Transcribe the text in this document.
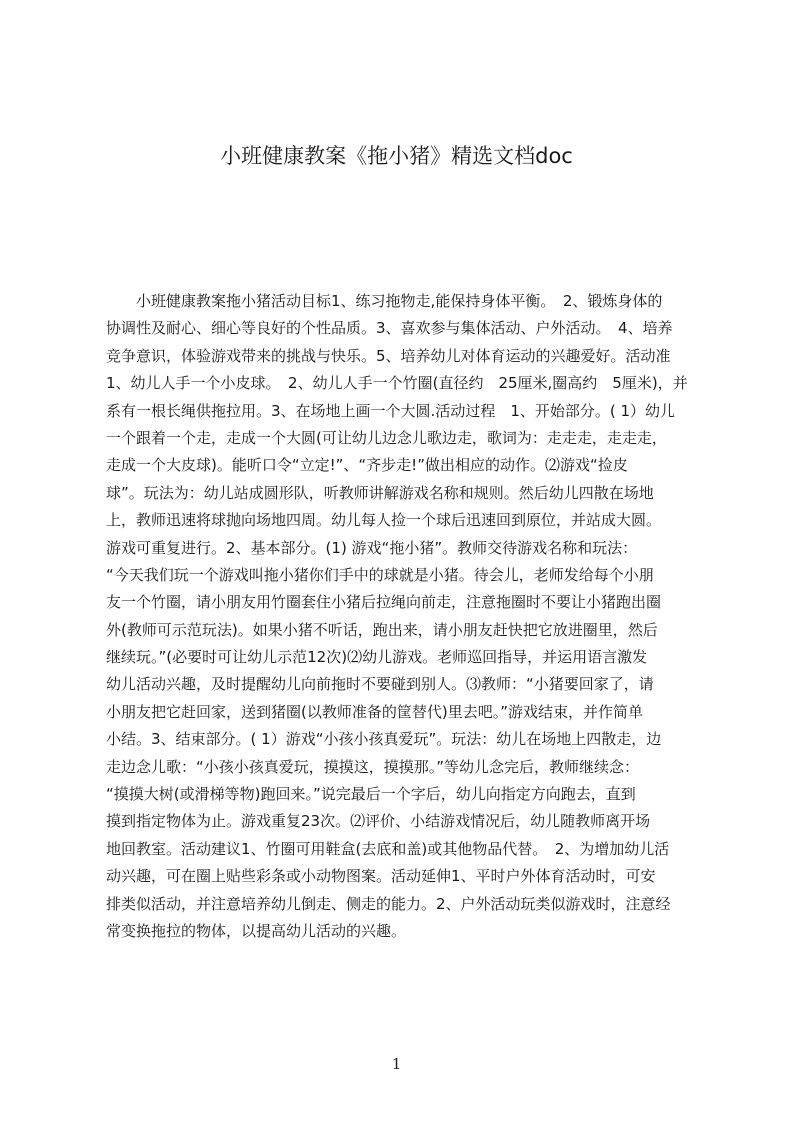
小班健康教案《拖小猪》精选文档doc
　　小班健康教案拖小猪活动目标1、练习拖物走,能保持身体平衡。　2、锻炼身体的
协调性及耐心、细心等良好的个性品质。3、喜欢参与集体活动、户外活动。　4、培养
竞争意识，体验游戏带来的挑战与快乐。5、培养幼儿对体育运动的兴趣爱好。活动准
1、幼儿人手一个小皮球。　2、幼儿人手一个竹圈(直径约　25厘米,圈高约　5厘米)，并
系有一根长绳供拖拉用。3、在场地上画一个大圆.活动过程　1、开始部分。( 1）幼儿
一个跟着一个走，走成一个大圆(可让幼儿边念儿歌边走，歌词为：走走走，走走走，
走成一个大皮球)。能听口令“立定!”、“齐步走!”做出相应的动作。⑵游戏“捡皮
球”。玩法为：幼儿站成圆形队，听教师讲解游戏名称和规则。然后幼儿四散在场地
上，教师迅速将球抛向场地四周。幼儿每人捡一个球后迅速回到原位，并站成大圆。
游戏可重复进行。2、基本部分。(1) 游戏“拖小猪”。教师交待游戏名称和玩法：
“今天我们玩一个游戏叫拖小猪你们手中的球就是小猪。待会儿，老师发给每个小朋
友一个竹圈，请小朋友用竹圈套住小猪后拉绳向前走，注意拖圈时不要让小猪跑出圈
外(教师可示范玩法)。如果小猪不听话，跑出来，请小朋友赶快把它放进圈里，然后
继续玩。”(必要时可让幼儿示范12次)⑵幼儿游戏。老师巡回指导，并运用语言激发
幼儿活动兴趣，及时提醒幼儿向前拖时不要碰到别人。⑶教师：“小猪要回家了，请
小朋友把它赶回家，送到猪圈(以教师准备的筐替代)里去吧。”游戏结束，并作简单
小结。3、结束部分。( 1）游戏“小孩小孩真爱玩”。玩法：幼儿在场地上四散走，边
走边念儿歌：“小孩小孩真爱玩，摸摸这，摸摸那。”等幼儿念完后，教师继续念：
“摸摸大树(或滑梯等物)跑回来。”说完最后一个字后，幼儿向指定方向跑去，直到
摸到指定物体为止。游戏重复23次。⑵评价、小结游戏情况后，幼儿随教师离开场
地回教室。活动建议1、竹圈可用鞋盒(去底和盖)或其他物品代替。　2、为增加幼儿活
动兴趣，可在圈上贴些彩条或小动物图案。活动延伸1、平时户外体育活动时，可安
排类似活动，并注意培养幼儿倒走、侧走的能力。2、户外活动玩类似游戏时，注意经
常变换拖拉的物体，以提高幼儿活动的兴趣。
1
